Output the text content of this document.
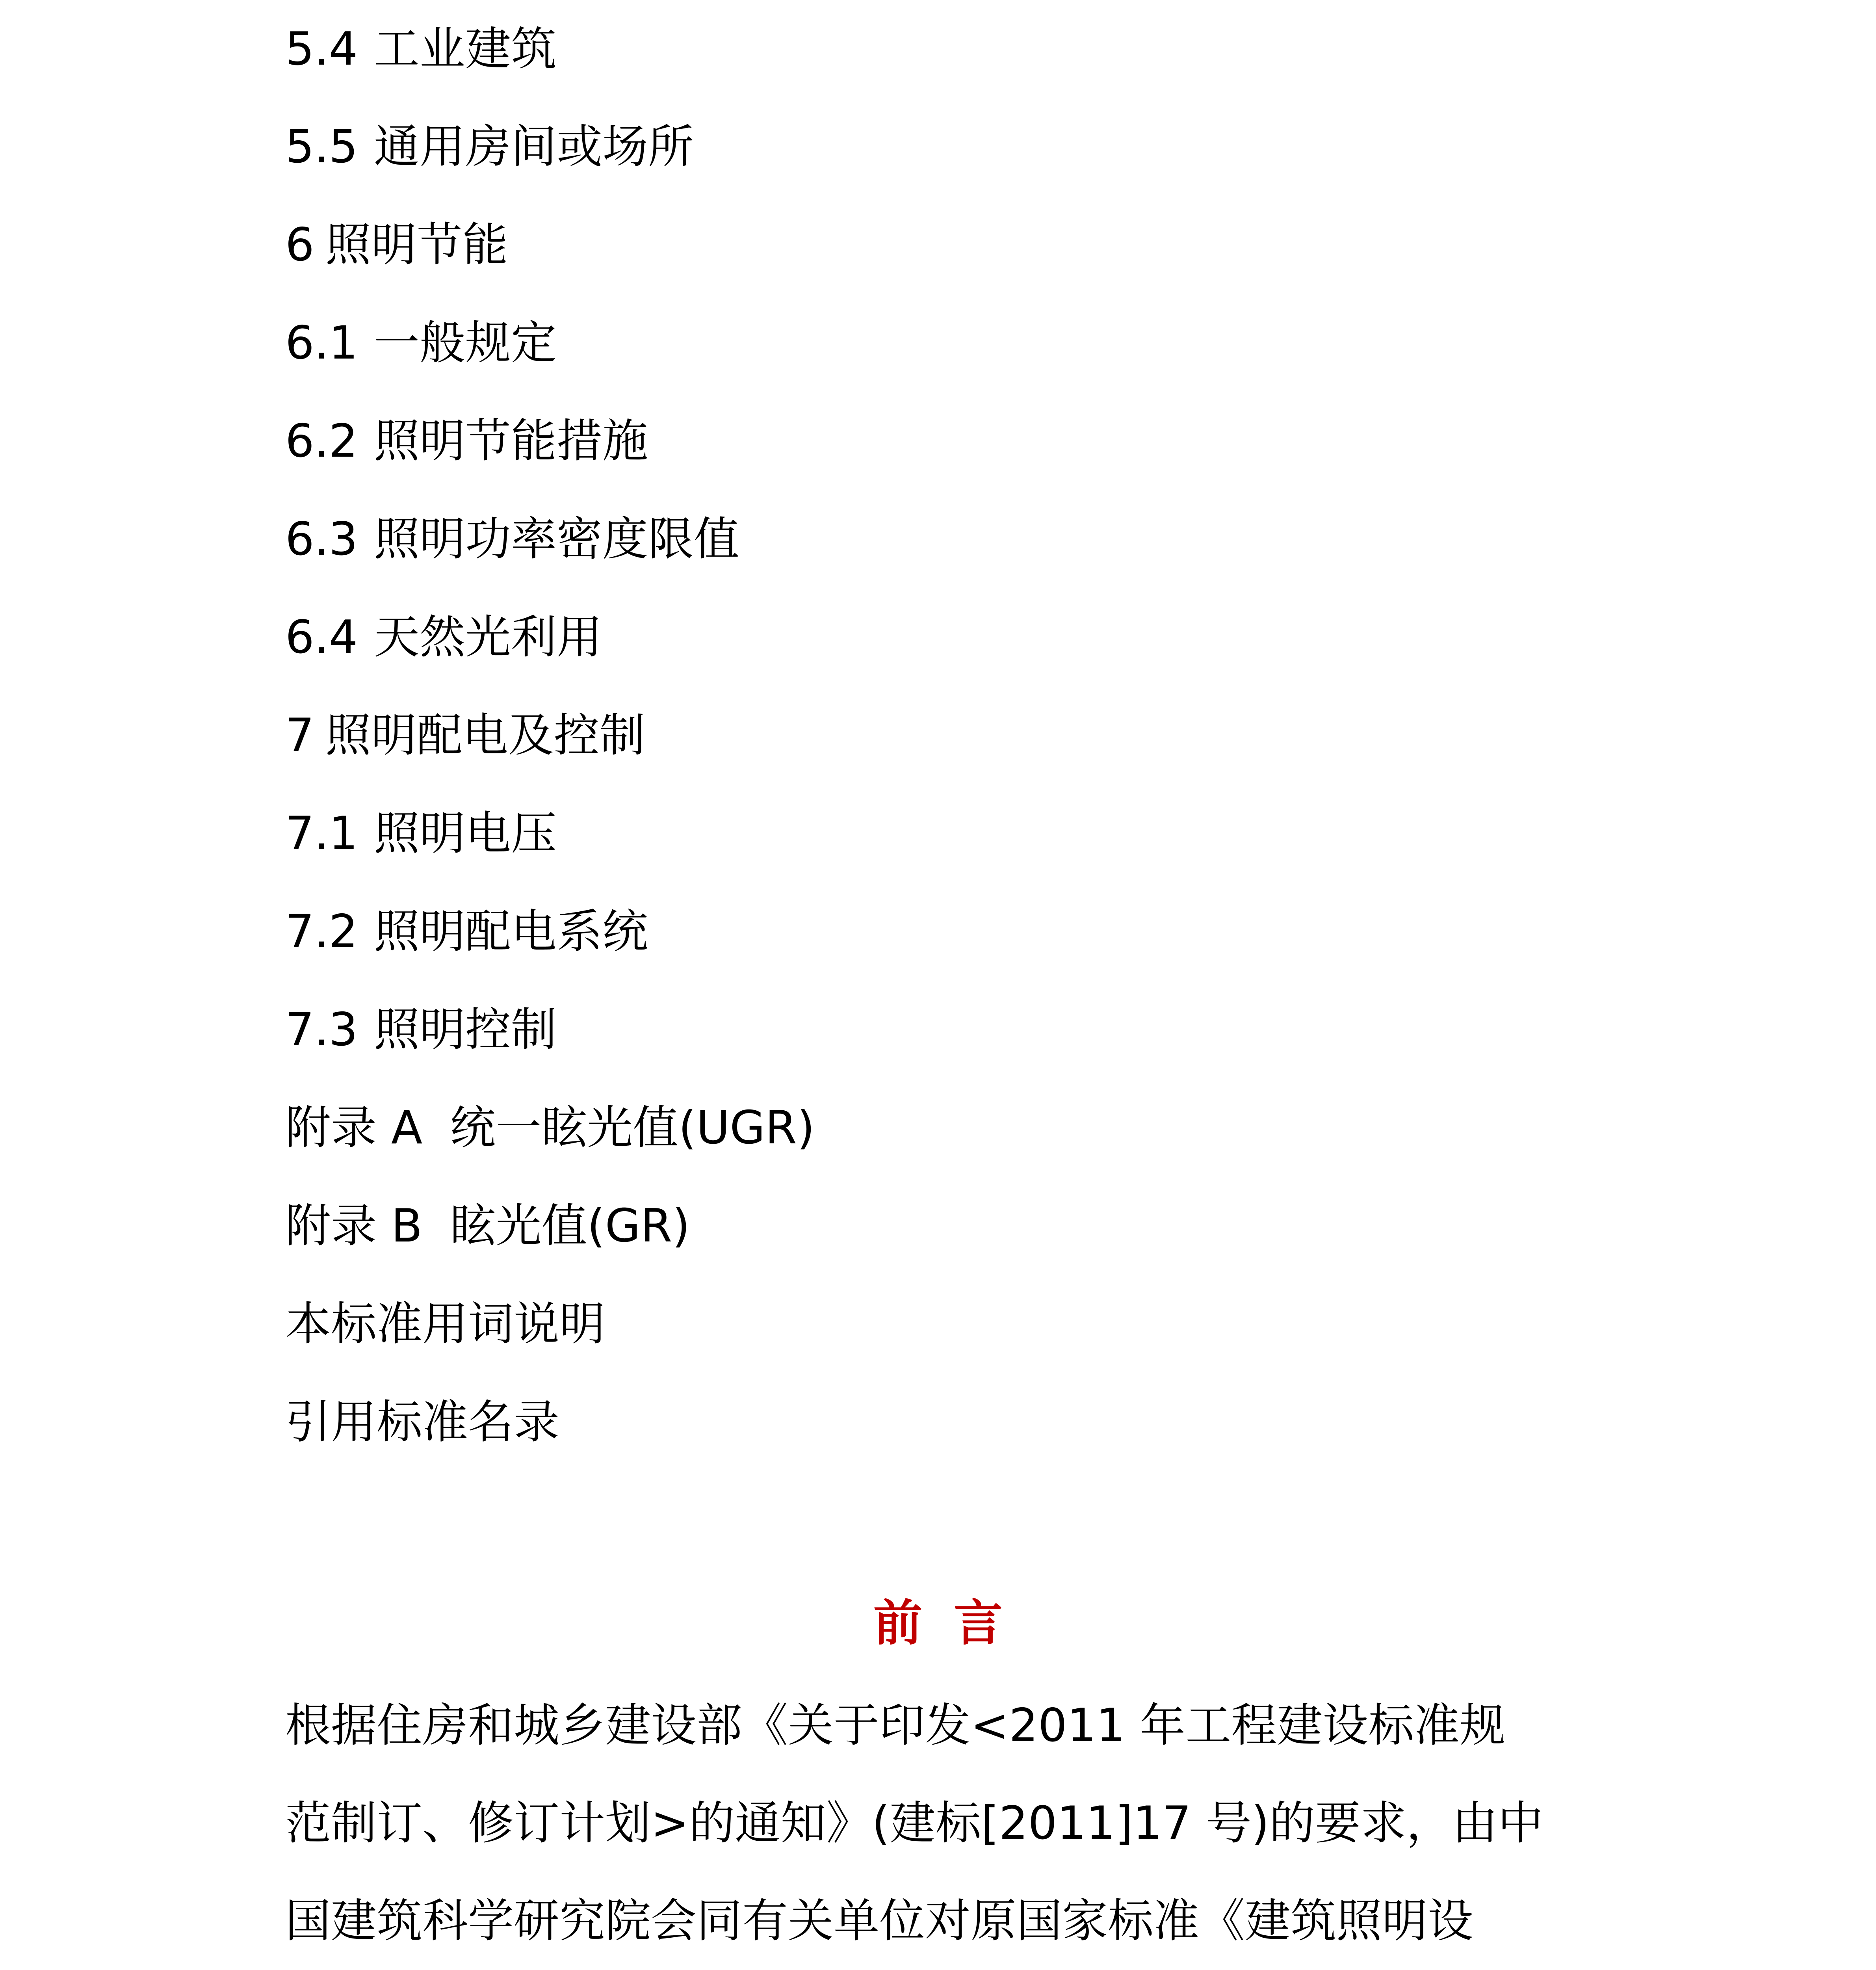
5.4 工业建筑
5.5 通用房间或场所
6 照明节能
6.1 一般规定
6.2 照明节能措施
6.3 照明功率密度限值
6.4 天然光利用
7 照明配电及控制
7.1 照明电压
7.2 照明配电系统
7.3 照明控制
附录 A 统一眩光值(UGR)
附录 B 眩光值(GR)
本标准用词说明
引用标准名录
前言
根据住房和城乡建设部《关于印发<2011 年工程建设标准规
范制订、修订计划>的通知》(建标[2011]17 号)的要求，由中
国建筑科学研究院会同有关单位对原国家标准《建筑照明设
